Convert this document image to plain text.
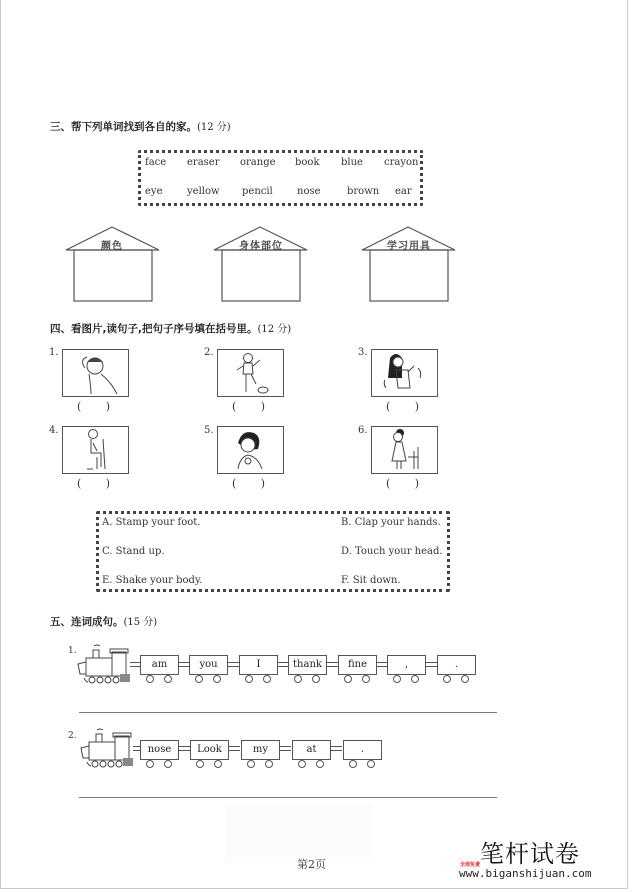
三、帮下列单词找到各自的家。(12 分)
face eraser orange book blue crayon
eye yellow pencil nose	brown ear
颜色	身体部位	学习用具
四、看图片,读句子,把句子序号填在括号里。(12 分)
1.
(       )
2.
(       )
3.
(       )
4.
(       )
5.
(       )
6.
(       )
A. Stamp your foot.	B. Clap your hands.
C. Stand up.	D. Touch your head.
E. Shake your body.	F. Sit down.
五、连词成句。(15 分)
1.
am	you	I	thank	fine	,	.
2.
nose	Look	my	at	.
第2页	全部免费 笔杆试卷
www.biganshijuan.com
